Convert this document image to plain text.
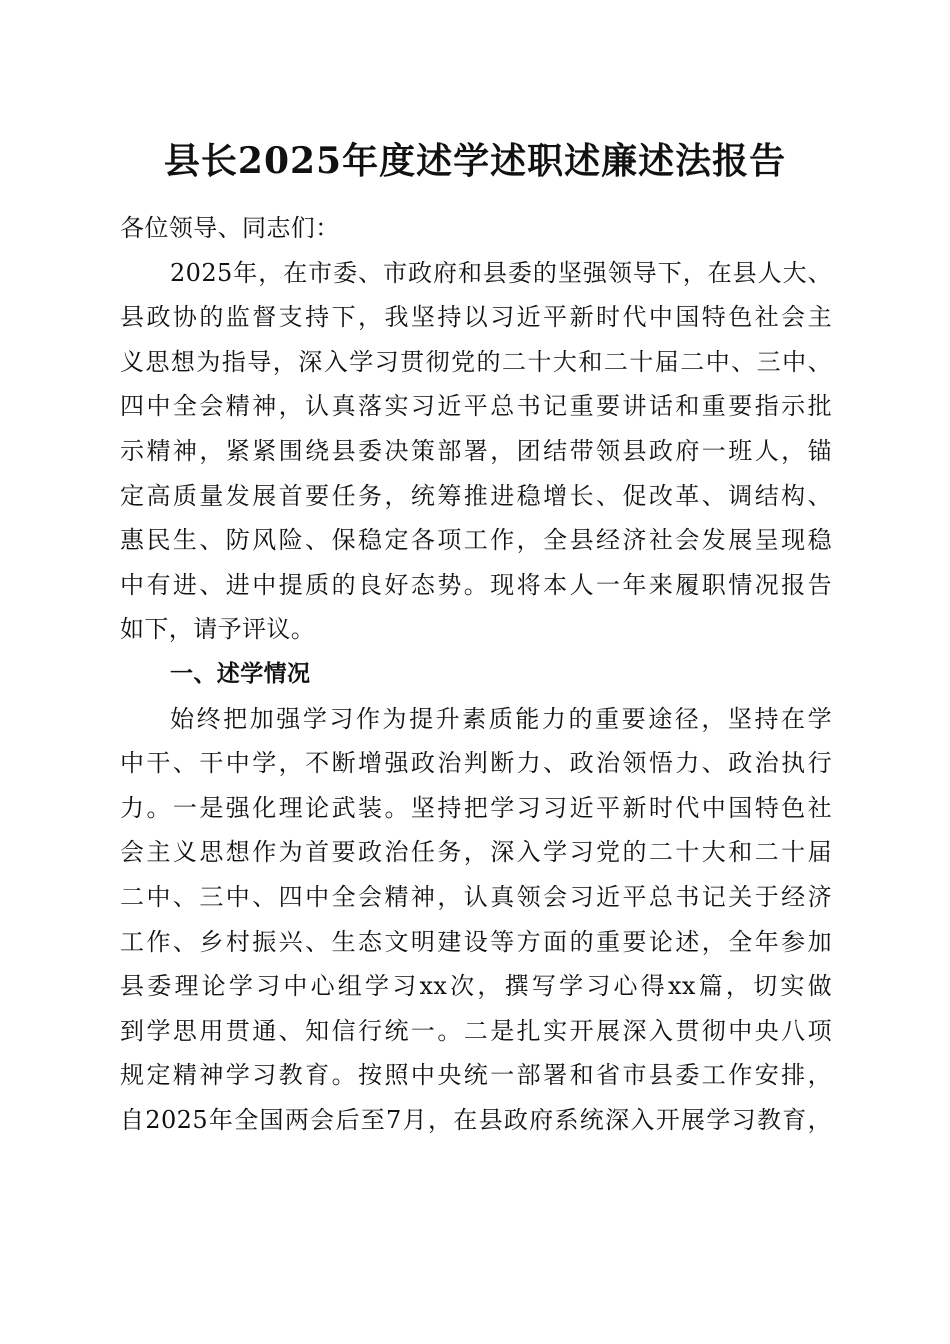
县长2025年度述学述职述廉述法报告
各位领导、同志们：
2025年，在市委、市政府和县委的坚强领导下，在县人大、
县政协的监督支持下，我坚持以习近平新时代中国特色社会主
义思想为指导，深入学习贯彻党的二十大和二十届二中、三中、
四中全会精神，认真落实习近平总书记重要讲话和重要指示批
示精神，紧紧围绕县委决策部署，团结带领县政府一班人，锚
定高质量发展首要任务，统筹推进稳增长、促改革、调结构、
惠民生、防风险、保稳定各项工作，全县经济社会发展呈现稳
中有进、进中提质的良好态势。现将本人一年来履职情况报告
如下，请予评议。
一、述学情况
始终把加强学习作为提升素质能力的重要途径，坚持在学
中干、干中学，不断增强政治判断力、政治领悟力、政治执行
力。一是强化理论武装。坚持把学习习近平新时代中国特色社
会主义思想作为首要政治任务，深入学习党的二十大和二十届
二中、三中、四中全会精神，认真领会习近平总书记关于经济
工作、乡村振兴、生态文明建设等方面的重要论述，全年参加
县委理论学习中心组学习xx次，撰写学习心得xx篇，切实做
到学思用贯通、知信行统一。二是扎实开展深入贯彻中央八项
规定精神学习教育。按照中央统一部署和省市县委工作安排，
自2025年全国两会后至7月，在县政府系统深入开展学习教育，
